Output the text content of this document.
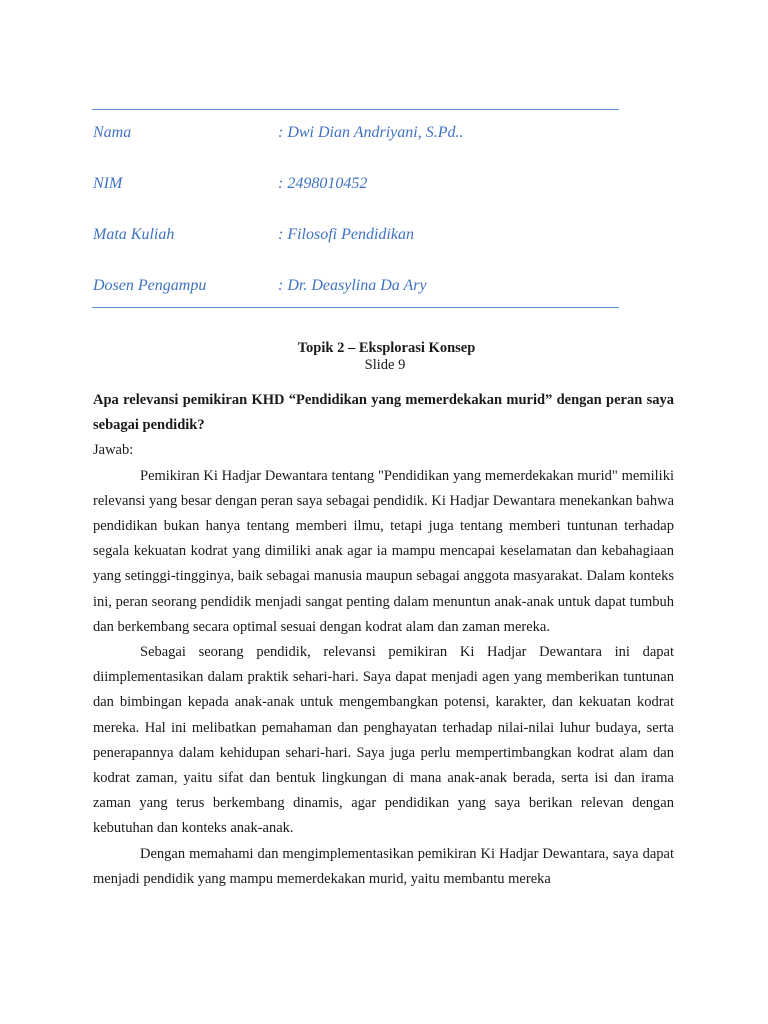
Nama	: Dwi Dian Andriyani, S.Pd..
NIM	: 2498010452
Mata Kuliah	: Filosofi Pendidikan
Dosen Pengampu	: Dr. Deasylina Da Ary
Topik 2 – Eksplorasi Konsep
Slide 9

Apa relevansi pemikiran KHD “Pendidikan yang memerdekakan murid” dengan peran saya sebagai pendidik?

Jawab:

Pemikiran Ki Hadjar Dewantara tentang "Pendidikan yang memerdekakan murid" memiliki relevansi yang besar dengan peran saya sebagai pendidik. Ki Hadjar Dewantara menekankan bahwa pendidikan bukan hanya tentang memberi ilmu, tetapi juga tentang memberi tuntunan terhadap segala kekuatan kodrat yang dimiliki anak agar ia mampu mencapai keselamatan dan kebahagiaan yang setinggi-tingginya, baik sebagai manusia maupun sebagai anggota masyarakat. Dalam konteks ini, peran seorang pendidik menjadi sangat penting dalam menuntun anak-anak untuk dapat tumbuh dan berkembang secara optimal sesuai dengan kodrat alam dan zaman mereka.

Sebagai seorang pendidik, relevansi pemikiran Ki Hadjar Dewantara ini dapat diimplementasikan dalam praktik sehari-hari. Saya dapat menjadi agen yang memberikan tuntunan dan bimbingan kepada anak-anak untuk mengembangkan potensi, karakter, dan kekuatan kodrat mereka. Hal ini melibatkan pemahaman dan penghayatan terhadap nilai-nilai luhur budaya, serta penerapannya dalam kehidupan sehari-hari. Saya juga perlu mempertimbangkan kodrat alam dan kodrat zaman, yaitu sifat dan bentuk lingkungan di mana anak-anak berada, serta isi dan irama zaman yang terus berkembang dinamis, agar pendidikan yang saya berikan relevan dengan kebutuhan dan konteks anak-anak.

Dengan memahami dan mengimplementasikan pemikiran Ki Hadjar Dewantara, saya dapat menjadi pendidik yang mampu memerdekakan murid, yaitu membantu mereka
